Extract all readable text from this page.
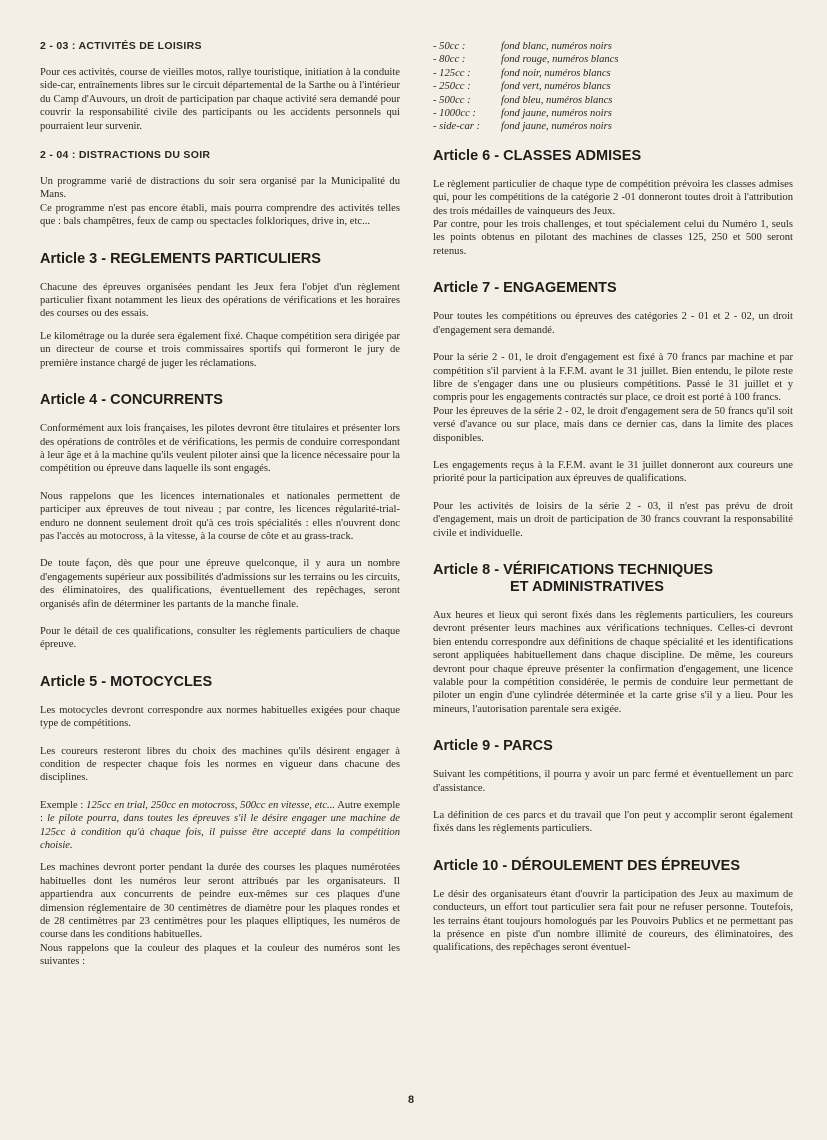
2 - 03 : ACTIVITÉS DE LOISIRS

Pour ces activités, course de vieilles motos, rallye touristique, initiation à la conduite side-car, entraînements libres sur le circuit départemental de la Sarthe ou à l'intérieur du Camp d'Auvours, un droit de participation par chaque activité sera demandé pour couvrir la responsabilité civile des participants ou les accidents personnels qui pourraient leur survenir.

2 - 04 : DISTRACTIONS DU SOIR

Un programme varié de distractions du soir sera organisé par la Municipalité du Mans.

Ce programme n'est pas encore établi, mais pourra comprendre des activités telles que : bals champêtres, feux de camp ou spectacles folkloriques, drive in, etc...

Article 3 - REGLEMENTS PARTICULIERS

Chacune des épreuves organisées pendant les Jeux fera l'objet d'un règlement particulier fixant notamment les lieux des opérations de vérifications et les horaires des courses ou des essais.

Le kilométrage ou la durée sera également fixé. Chaque compétition sera dirigée par un directeur de course et trois commissaires sportifs qui formeront le jury de première instance chargé de juger les réclamations.

Article 4 - CONCURRENTS

Conformément aux lois françaises, les pilotes devront être titulaires et présenter lors des opérations de contrôles et de vérifications, les permis de conduire correspondant à leur âge et à la machine qu'ils veulent piloter ainsi que la licence nécessaire pour la compétition ou épreuve dans laquelle ils sont engagés.

Nous rappelons que les licences internationales et nationales permettent de participer aux épreuves de tout niveau ; par contre, les licences régularité-trial-enduro ne donnent seulement droit qu'à ces trois spécialités : elles n'ouvrent donc pas l'accès au motocross, à la vitesse, à la course de côte et au grass-track.

De toute façon, dès que pour une épreuve quelconque, il y aura un nombre d'engagements supérieur aux possibilités d'admissions sur les terrains ou les circuits, des éliminatoires, des qualifications, éventuellement des repêchages, seront organisés afin de déterminer les partants de la manche finale.

Pour le détail de ces qualifications, consulter les règlements particuliers de chaque épreuve.

Article 5 - MOTOCYCLES

Les motocycles devront correspondre aux normes habituelles exigées pour chaque type de compétitions.

Les coureurs resteront libres du choix des machines qu'ils désirent engager à condition de respecter chaque fois les normes en vigueur dans chacune des disciplines.

Exemple : 125cc en trial, 250cc en motocross, 500cc en vitesse, etc... Autre exemple : le pilote pourra, dans toutes les épreuves s'il le désire engager une machine de 125cc à condition qu'à chaque fois, il puisse être accepté dans la compétition choisie.

Les machines devront porter pendant la durée des courses les plaques numérotées habituelles dont les numéros leur seront attribués par les organisateurs. Il appartiendra aux concurrents de peindre eux-mêmes sur ces plaques d'une dimension réglementaire de 30 centimètres de diamètre pour les plaques rondes et de 28 centimètres par 23 centimètres pour les plaques elliptiques, les numéros de course dans les conditions habituelles.

Nous rappelons que la couleur des plaques et la couleur des numéros sont les suivantes :

- 50cc :	fond blanc, numéros noirs
- 80cc :	fond rouge, numéros blancs
- 125cc :	fond noir, numéros blancs
- 250cc :	fond vert, numéros blancs
- 500cc :	fond bleu, numéros blancs
- 1000cc :	fond jaune, numéros noirs
- side-car :	fond jaune, numéros noirs
Article 6 - CLASSES ADMISES

Le règlement particulier de chaque type de compétition prévoira les classes admises qui, pour les compétitions de la catégorie 2 -01 donneront toutes droit à l'attribution des trois médailles de vainqueurs des Jeux.

Par contre, pour les trois challenges, et tout spécialement celui du Numéro 1, seuls les points obtenus en pilotant des machines de classes 125, 250 et 500 seront retenus.

Article 7 - ENGAGEMENTS

Pour toutes les compétitions ou épreuves des catégories 2 - 01 et 2 - 02, un droit d'engagement sera demandé.

Pour la série 2 - 01, le droit d'engagement est fixé à 70 francs par machine et par compétition s'il parvient à la F.F.M. avant le 31 juillet. Bien entendu, le pilote reste libre de s'engager dans une ou plusieurs compétitions. Passé le 31 juillet et y compris pour les engagements contractés sur place, ce droit est porté à 100 francs.

Pour les épreuves de la série 2 - 02, le droit d'engagement sera de 50 francs qu'il soit versé d'avance ou sur place, mais dans ce dernier cas, dans la limite des places disponibles.

Les engagements reçus à la F.F.M. avant le 31 juillet donneront aux coureurs une priorité pour la participation aux épreuves de qualifications.

Pour les activités de loisirs de la série 2 - 03, il n'est pas prévu de droit d'engagement, mais un droit de participation de 30 francs couvrant la responsabilité civile et individuelle.

Article 8 - VÉRIFICATIONS TECHNIQUES
ET ADMINISTRATIVES

Aux heures et lieux qui seront fixés dans les règlements particuliers, les coureurs devront présenter leurs machines aux vérifications techniques. Celles-ci devront bien entendu correspondre aux définitions de chaque spécialité et les identifications seront appliquées habituellement dans chaque discipline. De même, les coureurs devront pour chaque épreuve présenter la confirmation d'engagement, une licence valable pour la compétition considérée, le permis de conduire leur permettant de piloter un engin d'une cylindrée déterminée et la carte grise s'il y a lieu. Pour les mineurs, l'autorisation parentale sera exigée.

Article 9 - PARCS

Suivant les compétitions, il pourra y avoir un parc fermé et éventuellement un parc d'assistance.

La définition de ces parcs et du travail que l'on peut y accomplir seront également fixés dans les règlements particuliers.

Article 10 - DÉROULEMENT DES ÉPREUVES

Le désir des organisateurs étant d'ouvrir la participation des Jeux au maximum de conducteurs, un effort tout particulier sera fait pour ne refuser personne. Toutefois, les terrains étant toujours homologués par les Pouvoirs Publics et ne permettant pas la présence en piste d'un nombre illimité de coureurs, des éliminatoires, des qualifications, des repêchages seront éventuel-

8
